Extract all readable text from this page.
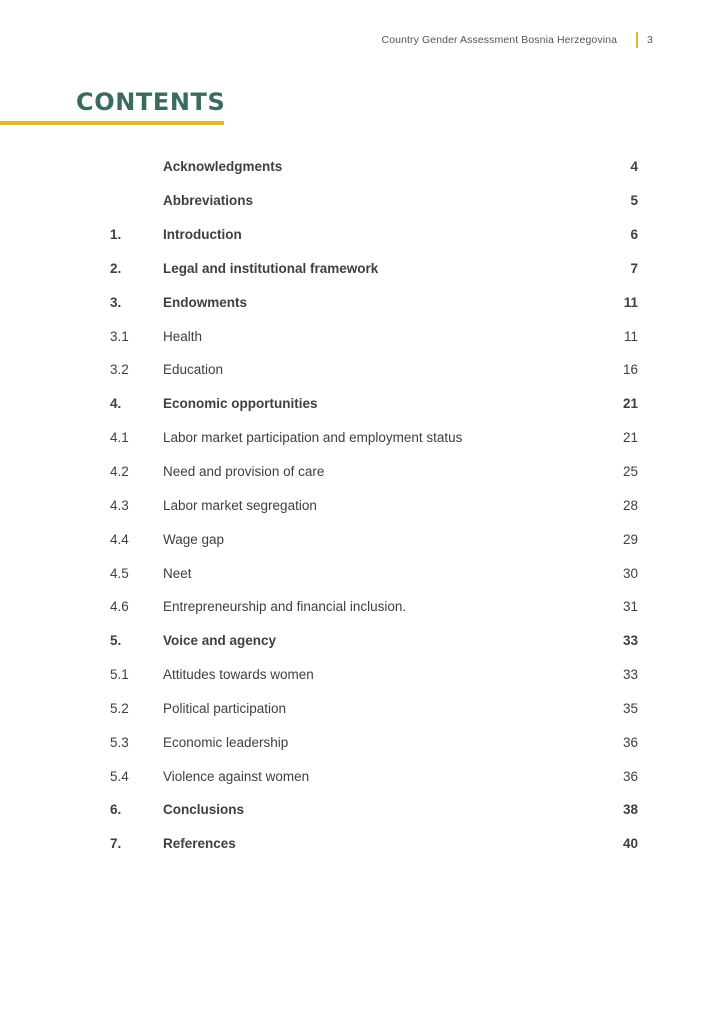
Country Gender Assessment Bosnia Herzegovina	3
CONTENTS
Acknowledgments	4
Abbreviations	5
1.	Introduction	6
2.	Legal and institutional framework	7
3.	Endowments	11
3.1	Health	11
3.2	Education	16
4.	Economic opportunities	21
4.1	Labor market participation and employment status	21
4.2	Need and provision of care	25
4.3	Labor market segregation	28
4.4	Wage gap	29
4.5	Neet	30
4.6	Entrepreneurship and financial inclusion.	31
5.	Voice and agency	33
5.1	Attitudes towards women	33
5.2	Political participation	35
5.3	Economic leadership	36
5.4	Violence against women	36
6.	Conclusions	38
7.	References	40
